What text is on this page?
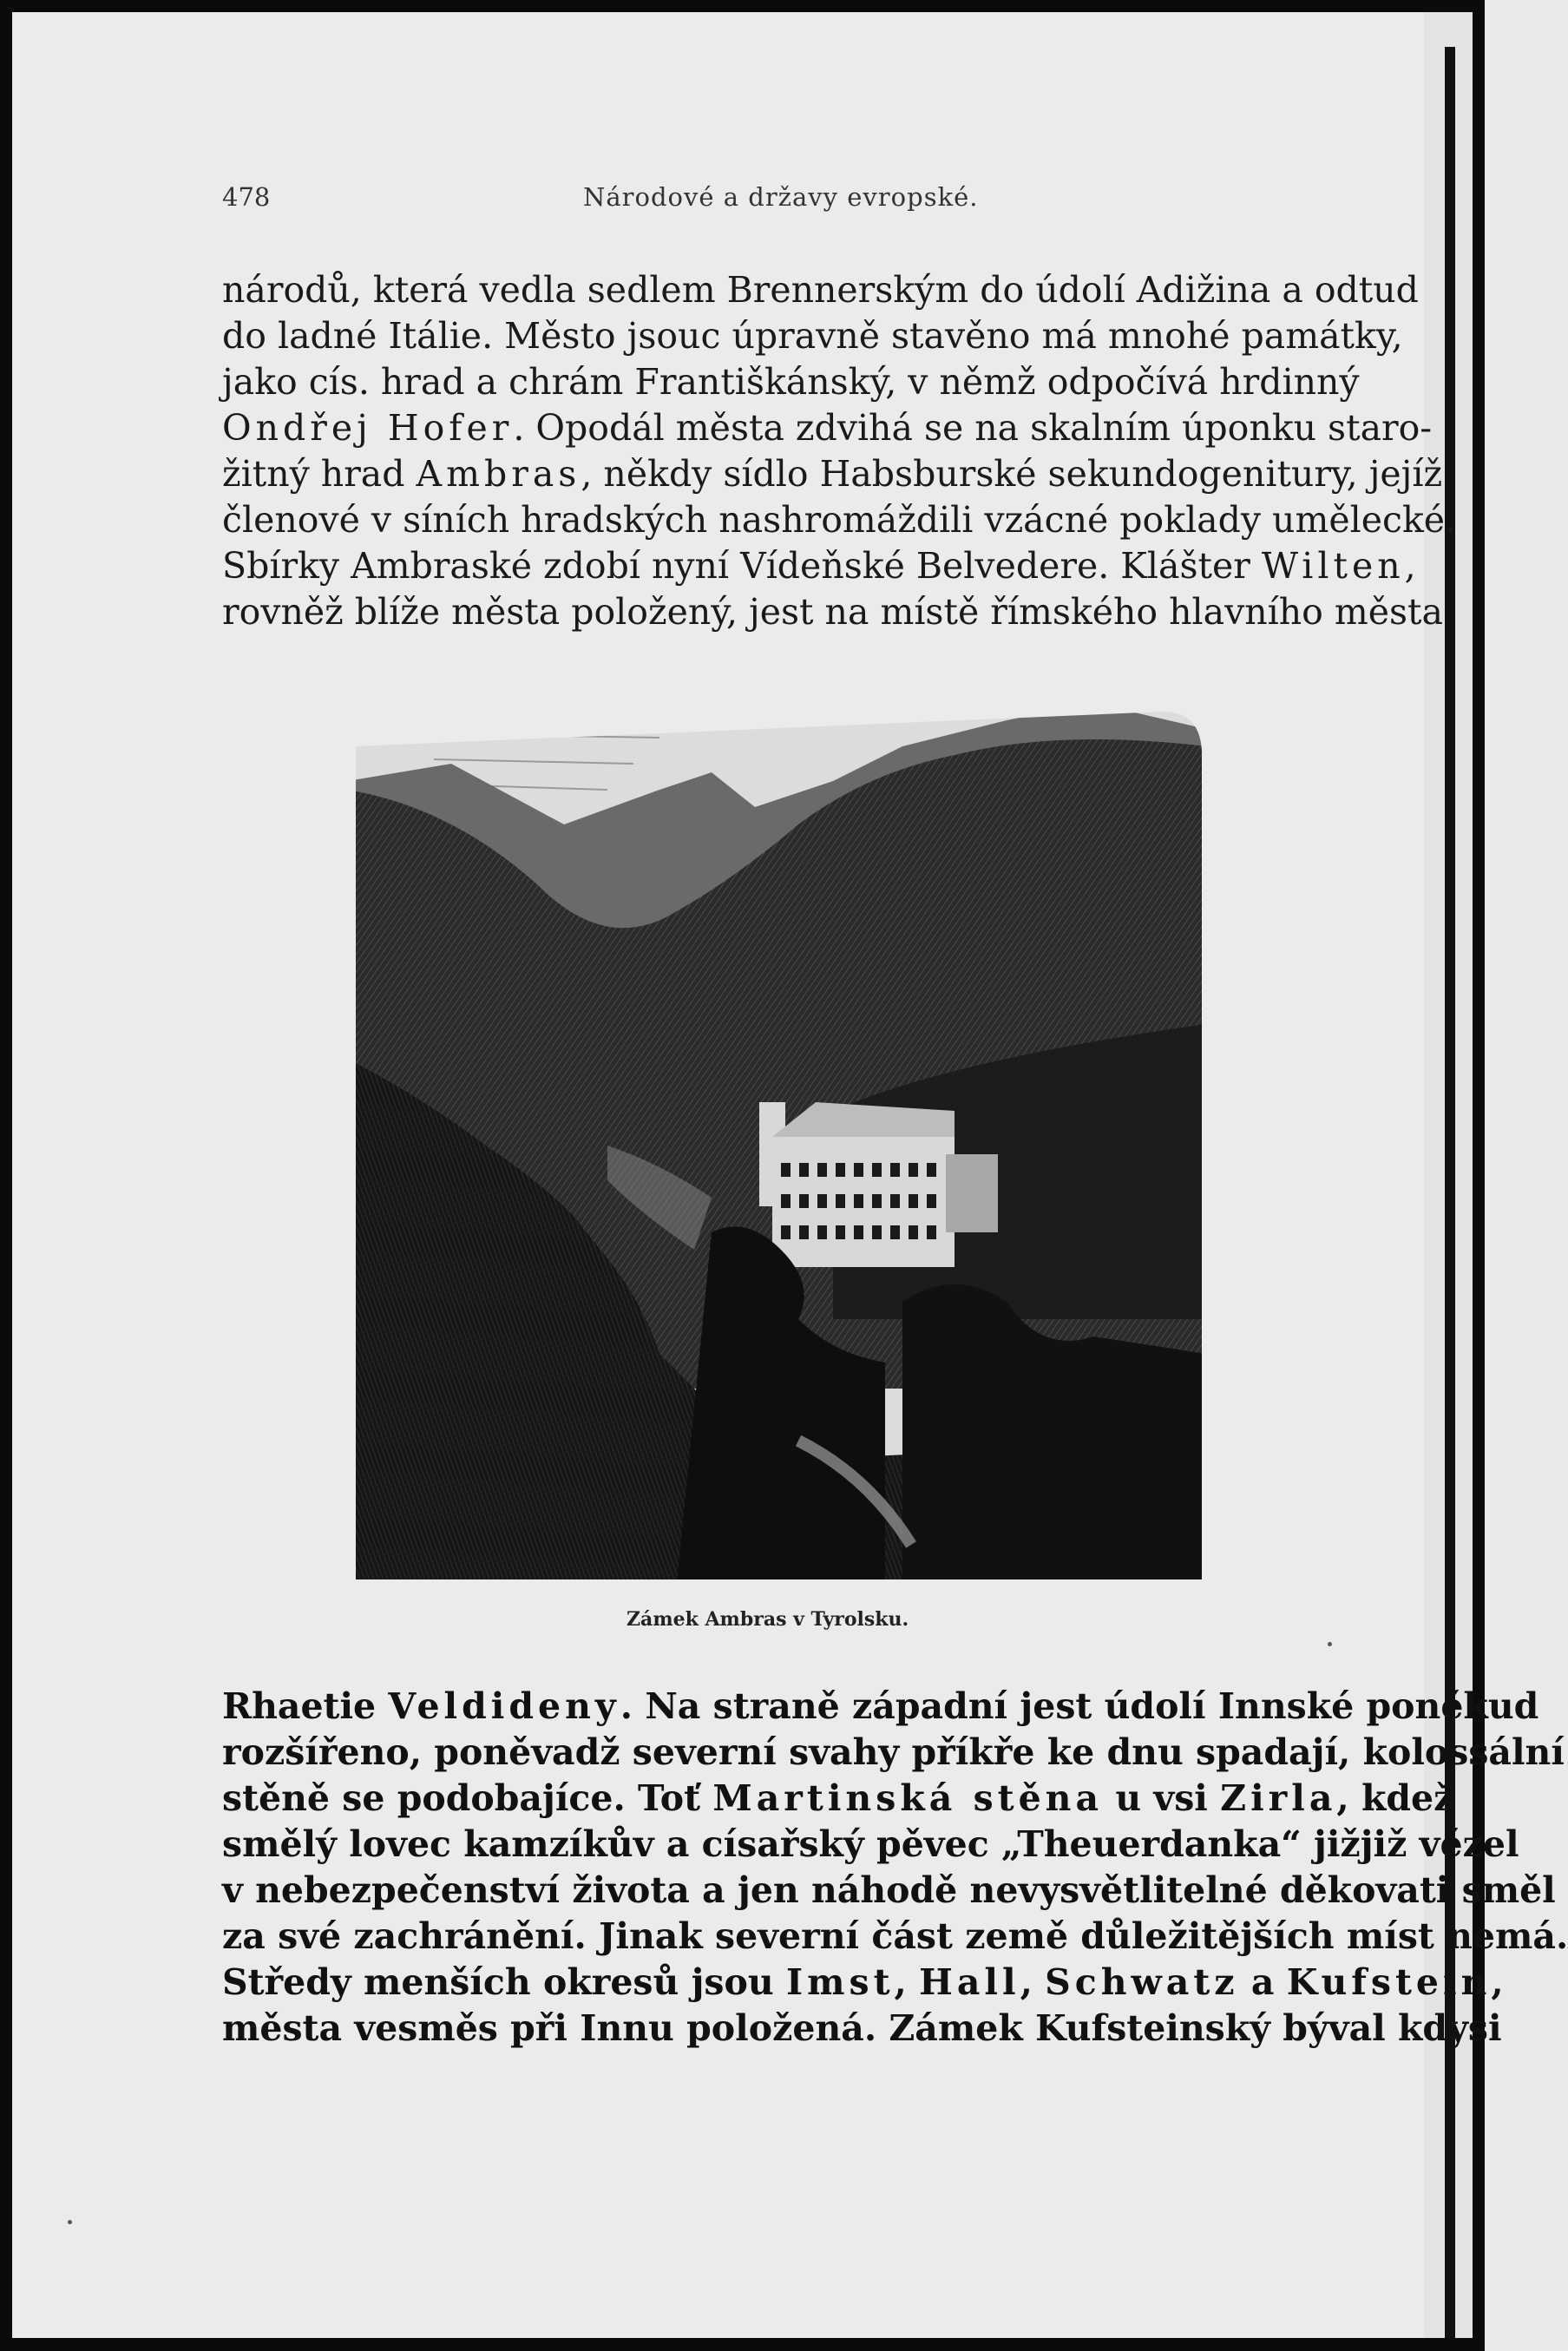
478	Národové a državy evropské.
národů, která vedla sedlem Brennerským do údolí Adižina a odtud
do ladné Itálie. Město jsouc úpravně stavěno má mnohé památky,
jako cís. hrad a chrám Františkánský, v němž odpočívá hrdinný
Ondřej Hofer. Opodál města zdvihá se na skalním úponku staro-
žitný hrad Ambras, někdy sídlo Habsburské sekundogenitury, jejíž
členové v síních hradských nashromáždili vzácné poklady umělecké.
Sbírky Ambraské zdobí nyní Vídeňské Belvedere. Klášter Wilten,
rovněž blíže města položený, jest na místě římského hlavního města
Zámek Ambras v Tyrolsku.
Rhaetie Veldideny. Na straně západní jest údolí Innské poněkud
rozšířeno, poněvadž severní svahy příkře ke dnu spadají, kolossální
stěně se podobajíce. Toť Martinská stěna u vsi Zirla, kdež
smělý lovec kamzíkův a císařský pěvec „Theuerdanka“ jižjiž vězel
v nebezpečenství života a jen náhodě nevysvětlitelné děkovati směl
za své zachránění. Jinak severní část země důležitějších míst nemá.
Středy menších okresů jsou Imst, Hall, Schwatz a Kufstein,
města vesměs při Innu položená. Zámek Kufsteinský býval kdysi
